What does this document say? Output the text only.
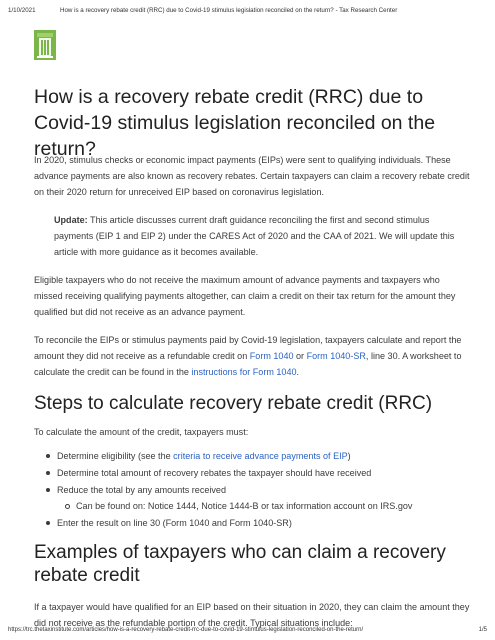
1/10/2021	How is a recovery rebate credit (RRC) due to Covid-19 stimulus legislation reconciled on the return? - Tax Research Center
How is a recovery rebate credit (RRC) due to Covid-19 stimulus legislation reconciled on the return?

In 2020, stimulus checks or economic impact payments (EIPs) were sent to qualifying individuals. These advance payments are also known as recovery rebates. Certain taxpayers can claim a recovery rebate credit on their 2020 return for unreceived EIP based on coronavirus legislation.

Update: This article discusses current draft guidance reconciling the first and second stimulus payments (EIP 1 and EIP 2) under the CARES Act of 2020 and the CAA of 2021. We will update this article with more guidance as it becomes available.

Eligible taxpayers who do not receive the maximum amount of advance payments and taxpayers who missed receiving qualifying payments altogether, can claim a credit on their tax return for the amount they qualified but did not receive as an advance payment.

To reconcile the EIPs or stimulus payments paid by Covid-19 legislation, taxpayers calculate and report the amount they did not receive as a refundable credit on Form 1040 or Form 1040-SR, line 30. A worksheet to calculate the credit can be found in the instructions for Form 1040.

Steps to calculate recovery rebate credit (RRC)

To calculate the amount of the credit, taxpayers must:

Determine eligibility (see the criteria to receive advance payments of EIP)
Determine total amount of recovery rebates the taxpayer should have received
Reduce the total by any amounts received
Can be found on: Notice 1444, Notice 1444-B or tax information account on IRS.gov
Enter the result on line 30 (Form 1040 and Form 1040-SR)
Examples of taxpayers who can claim a recovery rebate credit

If a taxpayer would have qualified for an EIP based on their situation in 2020, they can claim the amount they did not receive as the refundable portion of the credit. Typical situations include:

https://trc.thetaxinstitute.com/articles/how-is-a-recovery-rebate-credit-rrc-due-to-covid-19-stimulus-legislation-reconciled-on-the-return/	1/5
